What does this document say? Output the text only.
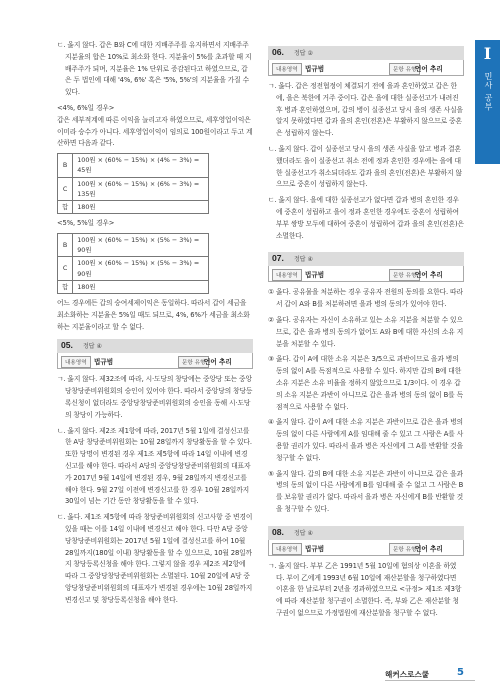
ㄷ. 옳지 않다. 갑은 B와 C에 대한 지배주주를 유지하면서 지배주주 지분율의 합은 10%로 최소화 한다. 지분율이 5%를 초과할 때 지배주주가 되며, 지분율은 1% 단위로 증감된다고 하였으므로, 갑은 두 법인에 대해 '4%, 6%' 혹은 '5%, 5%'의 지분율을 가질 수 있다.
<4%, 6%일 경우>
갑은 세부적계에 따른 이익을 늘리고자 하였으므로, 세후영업이익은 이미라 승수가 아니다. 세후영업이익이 임의로 100원이라고 두고 계산하면 다음과 같다.
B	100원 × (60% − 15%) × (4% − 3%) = 45원
C	100원 × (60% − 15%) × (6% − 3%) = 135원
합	180원
<5%, 5%일 경우>
B	100원 × (60% − 15%) × (5% − 3%) = 90원
C	100원 × (60% − 15%) × (5% − 3%) = 90원
합	180원
어느 경우에든 갑의 승여세제이익은 동일하다. 따라서 갑이 세금을 최소화하는 지분율은 5%일 때도 되므로, 4%, 6%가 세금을 최소화하는 지분율이라고 할 수 없다.
05. 정답 ④
내용영역	법규범	문항 유형
언어 추리
ㄱ. 옳지 않다. 제32조에 따라, 시·도당의 창당에는 중앙당 또는 중앙당창당준비위원회의 승인이 있어야 한다. 따라서 중앙당의 창당등록신청이 없더라도 중앙당창당준비위원회의 승인을 동해 시·도당의 창당이 가능하다.
ㄴ. 옳지 않다. 제2조 제1항에 따라, 2017년 5월 1일에 결성신고를 한 A당 창당준비위원회는 10월 28일까지 창당활동을 할 수 있다. 또한 당명이 변경된 경우 제1조 제5항에 따라 14일 이내에 변경신고를 해야 한다. 따라서 A당의 중앙당창당준비위원회의 대표자가 2017년 9월 14일에 변경된 경우, 9월 28일까지 변경신고를 해야 한다. 9월 27일 이전에 변경신고를 한 경우 10월 28일까지 30일이 넘는 기간 동안 창당활동을 할 수 있다.
ㄷ. 옳다. 제1조 제5항에 따라 창당준비위원회의 신고사항 중 변경이 있을 때는 이를 14일 이내에 변경신고 해야 한다. 다만 A당 중앙당창당준비위원회는 2017년 5월 1일에 결성신고를 하여 10월 28일까지(180일 이내) 창당활동을 할 수 있으므로, 10월 28일까지 창당등록신청을 해야 한다. 그렇지 않을 경우 제2조 제2항에 따라 그 중앙당창당준비위원회는 소멸된다. 10월 20일에 A당 중앙당창당준비위원회의 대표자가 변경된 경우에는 10월 28일까지 변경신고 및 창당등록신청을 해야 한다.
06. 정답 ②
내용영역	법규범	문항 유형
언어 추리
ㄱ. 옳다. 갑은 정전협정이 체결되기 전에 을과 혼인하였고 갑은 한에, 을은 북한에 거주 중이다. 갑은 을에 대한 실종선고가 내려진 후 병과 혼인하였으며, 갑의 병이 실종선고 당시 을의 생존 사실을 알지 못하였다면 갑과 을의 혼인(전혼)은 부활하지 않으므로 중혼은 성립하지 않는다.
ㄴ. 옳지 않다. 갑이 실종선고 당시 을의 생존 사실을 알고 병과 결혼했더라도 을이 실종선고 취소 전에 정과 혼인한 경우에는 을에 대한 실종선고가 취소되더라도 갑과 을의 혼인(전혼)은 부활하지 않으므로 중혼이 성립하지 않는다.
ㄷ. 옳지 않다. 을에 대한 실종선고가 없다면 갑과 병의 혼인한 경우에 중혼이 성립하고 을이 정과 혼인한 경우에도 중혼이 성립하여 부부 쌍방 모두에 대하여 중혼이 성립하여 갑과 을의 혼인(전혼)은 소멸한다.
07. 정답 ④
내용영역	법규범	문항 유형
언어 추리
① 옳다. 공유물을 처분하는 경우 공유자 전원의 동의를 요한다. 따라서 갑이 A와 B를 처분하려면 을과 병의 동의가 있어야 한다.
② 옳다. 공유자는 자신이 소유하고 있는 소유 지분을 처분할 수 있으므로, 갑은 을과 병의 동의가 없어도 A와 B에 대한 자신의 소유 지분을 처분할 수 있다.
③ 옳다. 갑이 A에 대한 소유 지분은 3/5으로 과반이므로 을과 병의 동의 없이 A를 독점적으로 사용할 수 있다. 하지만 갑의 B에 대한 소유 지분은 소유 비율을 정하지 않았으므로 1/3이다. 이 경우 갑의 소유 지분은 과반이 아니므로 갑은 을과 병의 동의 없이 B를 독점적으로 사용할 수 없다.
④ 옳지 않다. 갑이 A에 대한 소유 지분은 과반이므로 갑은 을과 병의 동의 없이 다른 사람에게 A를 임대해 줄 수 있고 그 사람은 A를 사용할 권리가 있다. 따라서 을과 병은 자신에게 그 A를 반환할 것을 청구할 수 없다.
⑤ 옳지 않다. 갑의 B에 대한 소유 지분은 과반이 아니므로 갑은 을과 병의 동의 없이 다른 사람에게 B를 임대해 줄 수 없고 그 사람은 B를 보유할 권리가 없다. 따라서 을과 병은 자신에게 B를 반환할 것을 청구할 수 있다.
08. 정답 ④
내용영역	법규범	문항 유형
언어 추리
ㄱ. 옳지 않다. 부부 乙은 1991년 5월 10일에 혐의상 이혼을 하였다. 부이 乙에게 1993년 6월 10일에 재산분할을 청구하였다면 이혼을 한 날로부터 2년을 경과하였으므로 <규정> 제1조 제3항에 따라 재산분할 청구권이 소멸한다. 즉, 부와 乙은 재산분할 청구권이 없으므로 가정법원에 재산분할을 청구할 수 없다.
I
민사 공부
해커스로스쿨	5
